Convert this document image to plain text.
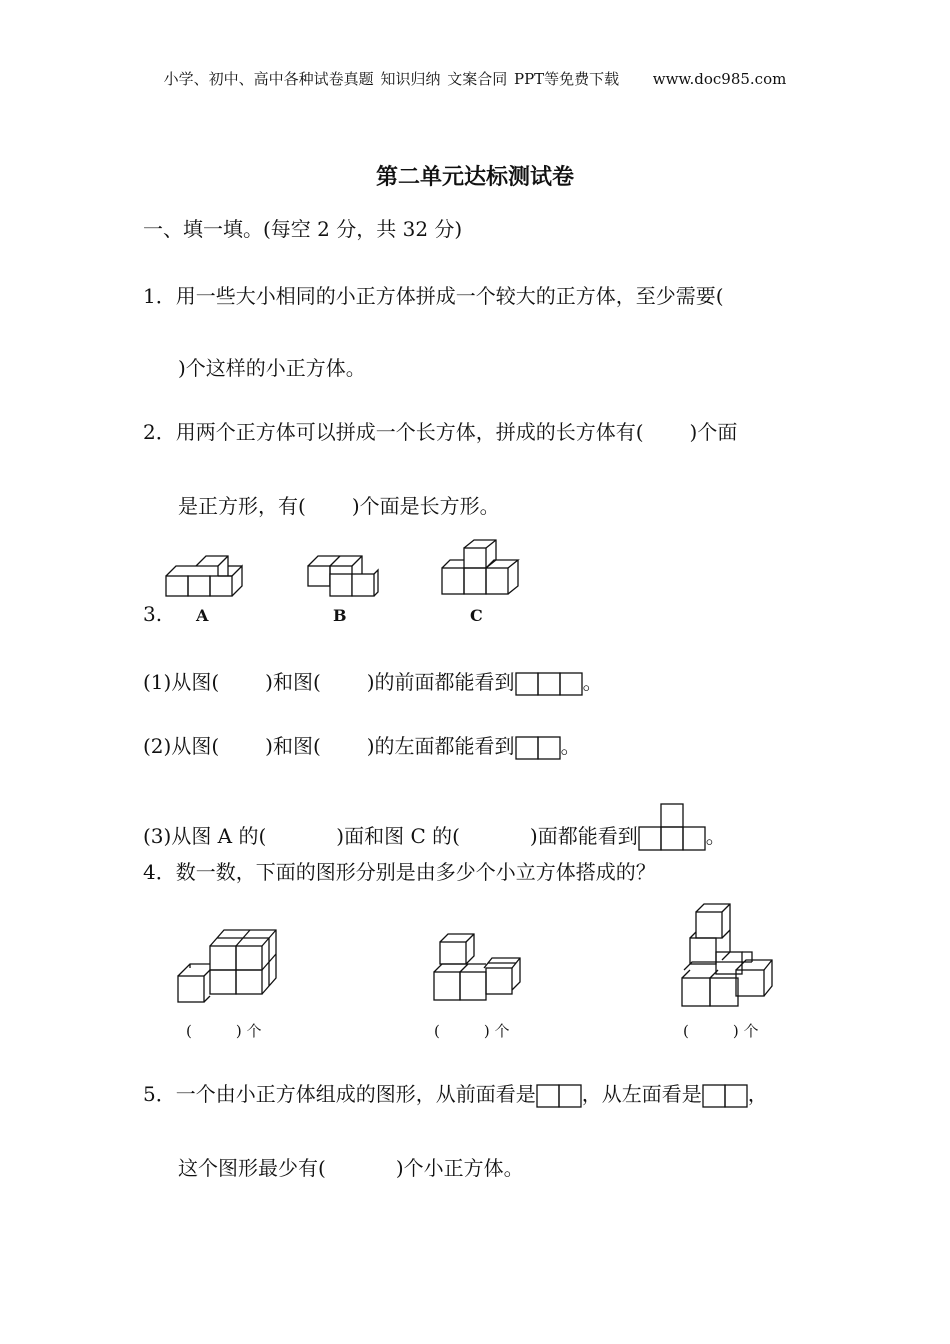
小学、初中、高中各种试卷真题 知识归纳 文案合同 PPT等免费下载 www.doc985.com
第二单元达标测试卷
一、填一填。(每空 2 分，共 32 分)
1．用一些大小相同的小正方体拼成一个较大的正方体，至少需要(
)个这样的小正方体。
2．用两个正方体可以拼成一个长方体，拼成的长方体有( )个面
是正方形，有( )个面是长方形。
3. A	B	C
(1)从图( )和图( )的前面都能看到	。
(2)从图( )和图( )的左面都能看到 。
(3)从图 A 的(	)面和图 C 的(	)面都能看到	。
4．数一数，下面的图形分别是由多少个小立方体搭成的？
(	) 个	(	) 个	(	) 个
5．一个由小正方体组成的图形，从前面看是 ，从左面看是 ，
这个图形最少有(	)个小正方体。
